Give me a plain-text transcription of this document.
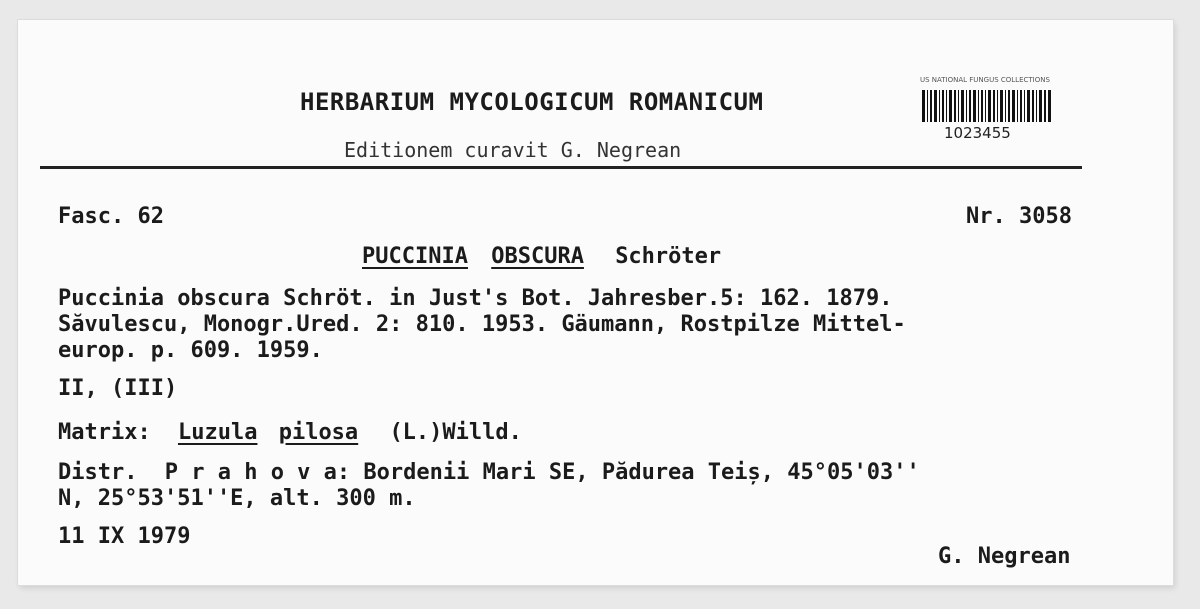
HERBARIUM MYCOLOGICUM ROMANICUM
Editionem curavit G. Negrean
US NATIONAL FUNGUS COLLECTIONS
1023455
Fasc. 62	Nr. 3058
PUCCINIA OBSCURA Schröter
Puccinia obscura Schröt. in Just's Bot. Jahresber.5: 162. 1879.
Săvulescu, Monogr.Ured. 2: 810. 1953. Gäumann, Rostpilze Mittel-
europ. p. 609. 1959.
II, (III)
Matrix: Luzula pilosa (L.)Willd.
Distr. P r a h o v a: Bordenii Mari SE, Pădurea Teiș, 45°05'03''
N, 25°53'51''E, alt. 300 m.
11 IX 1979
G. Negrean
